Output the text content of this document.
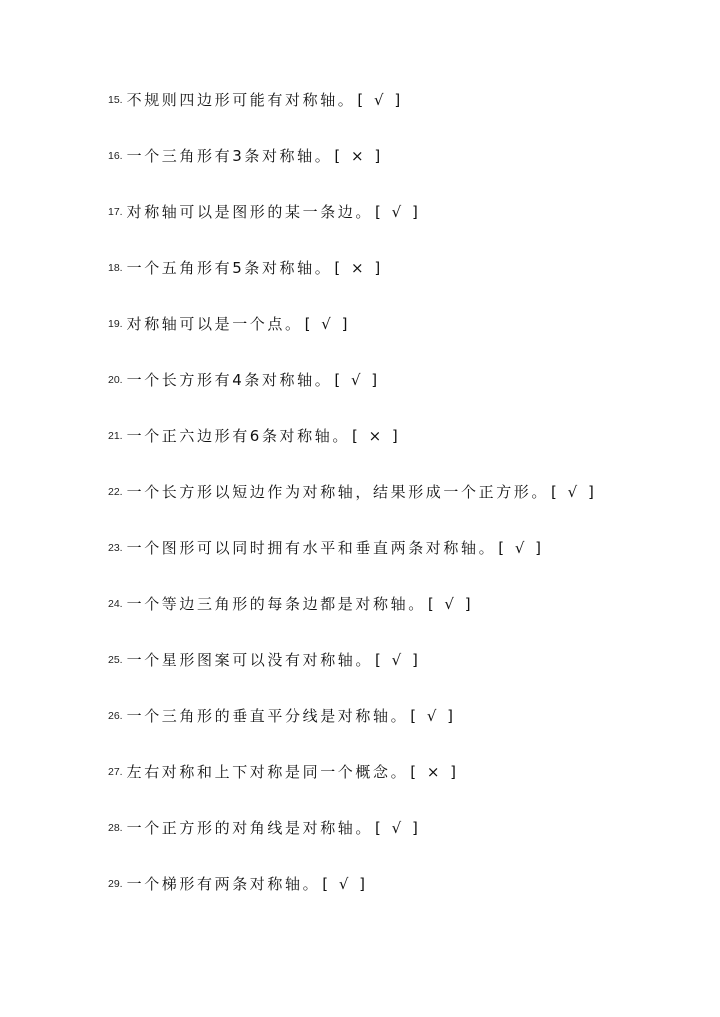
15. 不规则四边形可能有对称轴。 [ √ ]
16. 一个三角形有3条对称轴。 [ × ]
17. 对称轴可以是图形的某一条边。 [ √ ]
18. 一个五角形有5条对称轴。 [ × ]
19. 对称轴可以是一个点。 [ √ ]
20. 一个长方形有4条对称轴。 [ √ ]
21. 一个正六边形有6条对称轴。 [ × ]
22. 一个长方形以短边作为对称轴，结果形成一个正方形。 [ √ ]
23. 一个图形可以同时拥有水平和垂直两条对称轴。 [ √ ]
24. 一个等边三角形的每条边都是对称轴。 [ √ ]
25. 一个星形图案可以没有对称轴。 [ √ ]
26. 一个三角形的垂直平分线是对称轴。 [ √ ]
27. 左右对称和上下对称是同一个概念。 [ × ]
28. 一个正方形的对角线是对称轴。 [ √ ]
29. 一个梯形有两条对称轴。 [ √ ]
